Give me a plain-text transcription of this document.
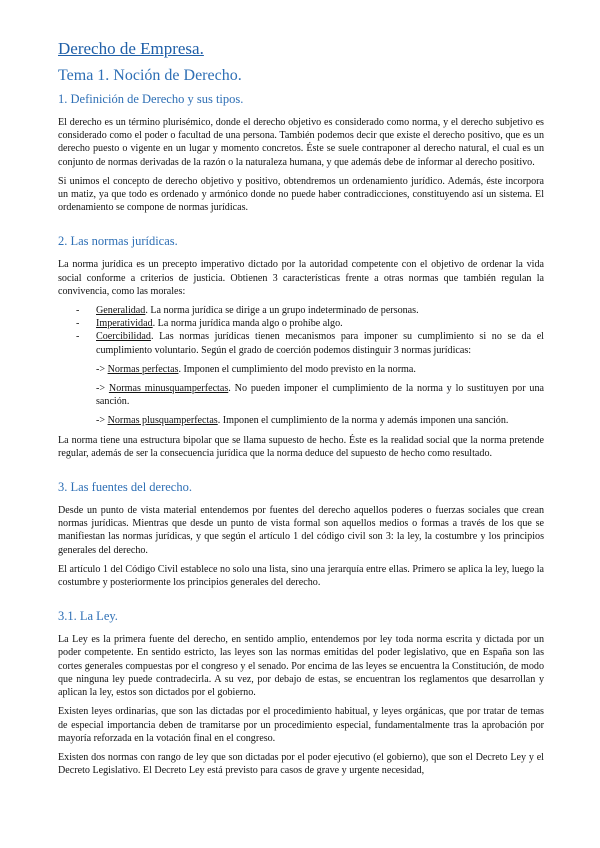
Derecho de Empresa.
Tema 1. Noción de Derecho.
1. Definición de Derecho y sus tipos.

El derecho es un término plurisémico, donde el derecho objetivo es considerado como norma, y el derecho subjetivo es considerado como el poder o facultad de una persona. También podemos decir que existe el derecho positivo, que es un derecho puesto o vigente en un lugar y momento concretos. Éste se suele contraponer al derecho natural, el cual es un conjunto de normas derivadas de la razón o la naturaleza humana, y que además debe de informar al derecho positivo.

Si unimos el concepto de derecho objetivo y positivo, obtendremos un ordenamiento jurídico. Además, éste incorpora un matiz, ya que todo es ordenado y armónico donde no puede haber contradicciones, constituyendo así un sistema. El ordenamiento se compone de normas jurídicas.

2. Las normas jurídicas.

La norma jurídica es un precepto imperativo dictado por la autoridad competente con el objetivo de ordenar la vida social conforme a criterios de justicia. Obtienen 3 características frente a otras normas que también regulan la convivencia, como las morales:

- Generalidad. La norma jurídica se dirige a un grupo indeterminado de personas.
- Imperatividad. La norma jurídica manda algo o prohíbe algo.
- Coercibilidad. Las normas jurídicas tienen mecanismos para imponer su cumplimiento si no se da el cumplimiento voluntario. Según el grado de coerción podemos distinguir 3 normas jurídicas:

-> Normas perfectas. Imponen el cumplimiento del modo previsto en la norma.

-> Normas minusquamperfectas. No pueden imponer el cumplimiento de la norma y lo sustituyen por una sanción.

-> Normas plusquamperfectas. Imponen el cumplimiento de la norma y además imponen una sanción.

La norma tiene una estructura bipolar que se llama supuesto de hecho. Éste es la realidad social que la norma pretende regular, además de ser la consecuencia jurídica que la norma deduce del supuesto de hecho como resultado.

3. Las fuentes del derecho.

Desde un punto de vista material entendemos por fuentes del derecho aquellos poderes o fuerzas sociales que crean normas jurídicas. Mientras que desde un punto de vista formal son aquellos medios o formas a través de los que se manifiestan las normas jurídicas, y que según el artículo 1 del código civil son 3: la ley, la costumbre y los principios generales del derecho.

El artículo 1 del Código Civil establece no solo una lista, sino una jerarquía entre ellas. Primero se aplica la ley, luego la costumbre y posteriormente los principios generales del derecho.

3.1. La Ley.

La Ley es la primera fuente del derecho, en sentido amplio, entendemos por ley toda norma escrita y dictada por un poder competente. En sentido estricto, las leyes son las normas emitidas del poder legislativo, que en España son las cortes generales compuestas por el congreso y el senado. Por encima de las leyes se encuentra la Constitución, de modo que ninguna ley puede contradecirla. A su vez, por debajo de estas, se encuentran los reglamentos que desarrollan y aplican la ley, estos son dictados por el gobierno.

Existen leyes ordinarias, que son las dictadas por el procedimiento habitual, y leyes orgánicas, que por tratar de temas de especial importancia deben de tramitarse por un procedimiento especial, fundamentalmente tras la aprobación por mayoría reforzada en la votación final en el congreso.

Existen dos normas con rango de ley que son dictadas por el poder ejecutivo (el gobierno), que son el Decreto Ley y el Decreto Legislativo. El Decreto Ley está previsto para casos de grave y urgente necesidad,
